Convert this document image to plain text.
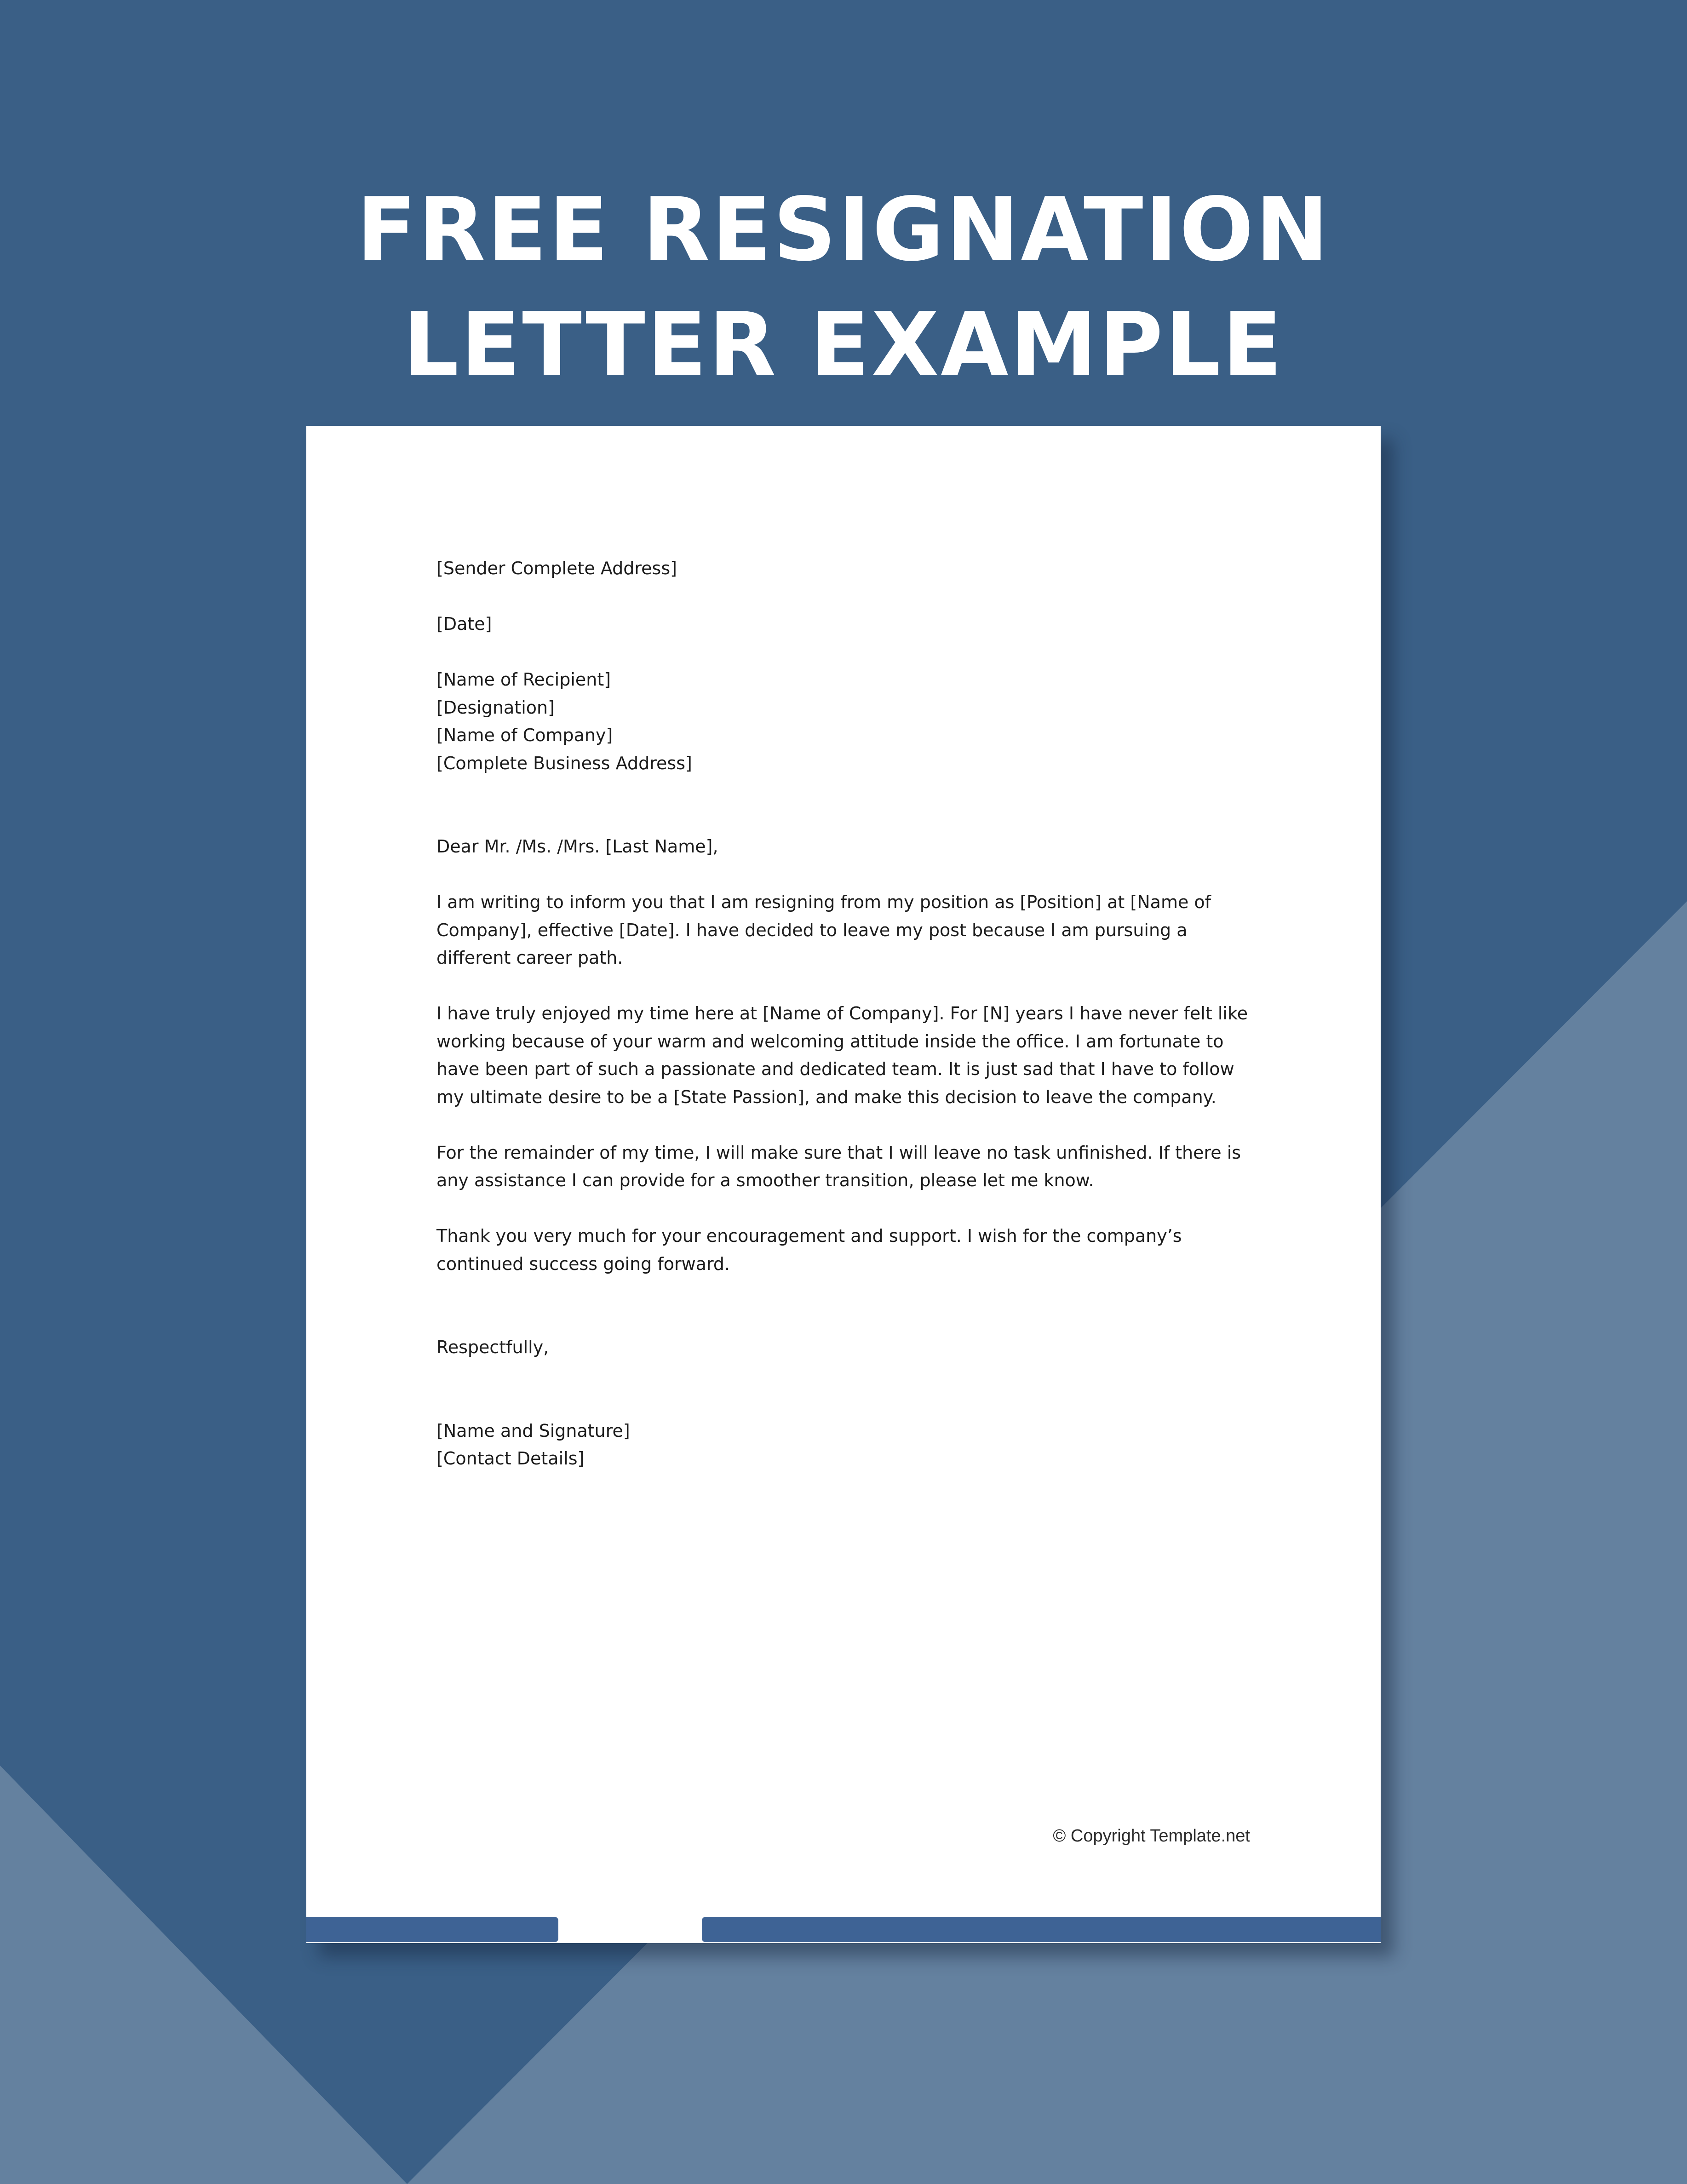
FREE RESIGNATION
LETTER EXAMPLE

[Sender Complete Address]

[Date]

[Name of Recipient]

[Designation]

[Name of Company]

[Complete Business Address]

Dear Mr. /Ms. /Mrs. [Last Name],

I am writing to inform you that I am resigning from my position as [Position] at [Name of Company], effective [Date]. I have decided to leave my post because I am pursuing a different career path.

I have truly enjoyed my time here at [Name of Company]. For [N] years I have never felt like working because of your warm and welcoming attitude inside the office. I am fortunate to have been part of such a passionate and dedicated team. It is just sad that I have to follow my ultimate desire to be a [State Passion], and make this decision to leave the company.

For the remainder of my time, I will make sure that I will leave no task unfinished. If there is any assistance I can provide for a smoother transition, please let me know.

Thank you very much for your encouragement and support. I wish for the company’s continued success going forward.

Respectfully,

[Name and Signature]

[Contact Details]

© Copyright Template.net
